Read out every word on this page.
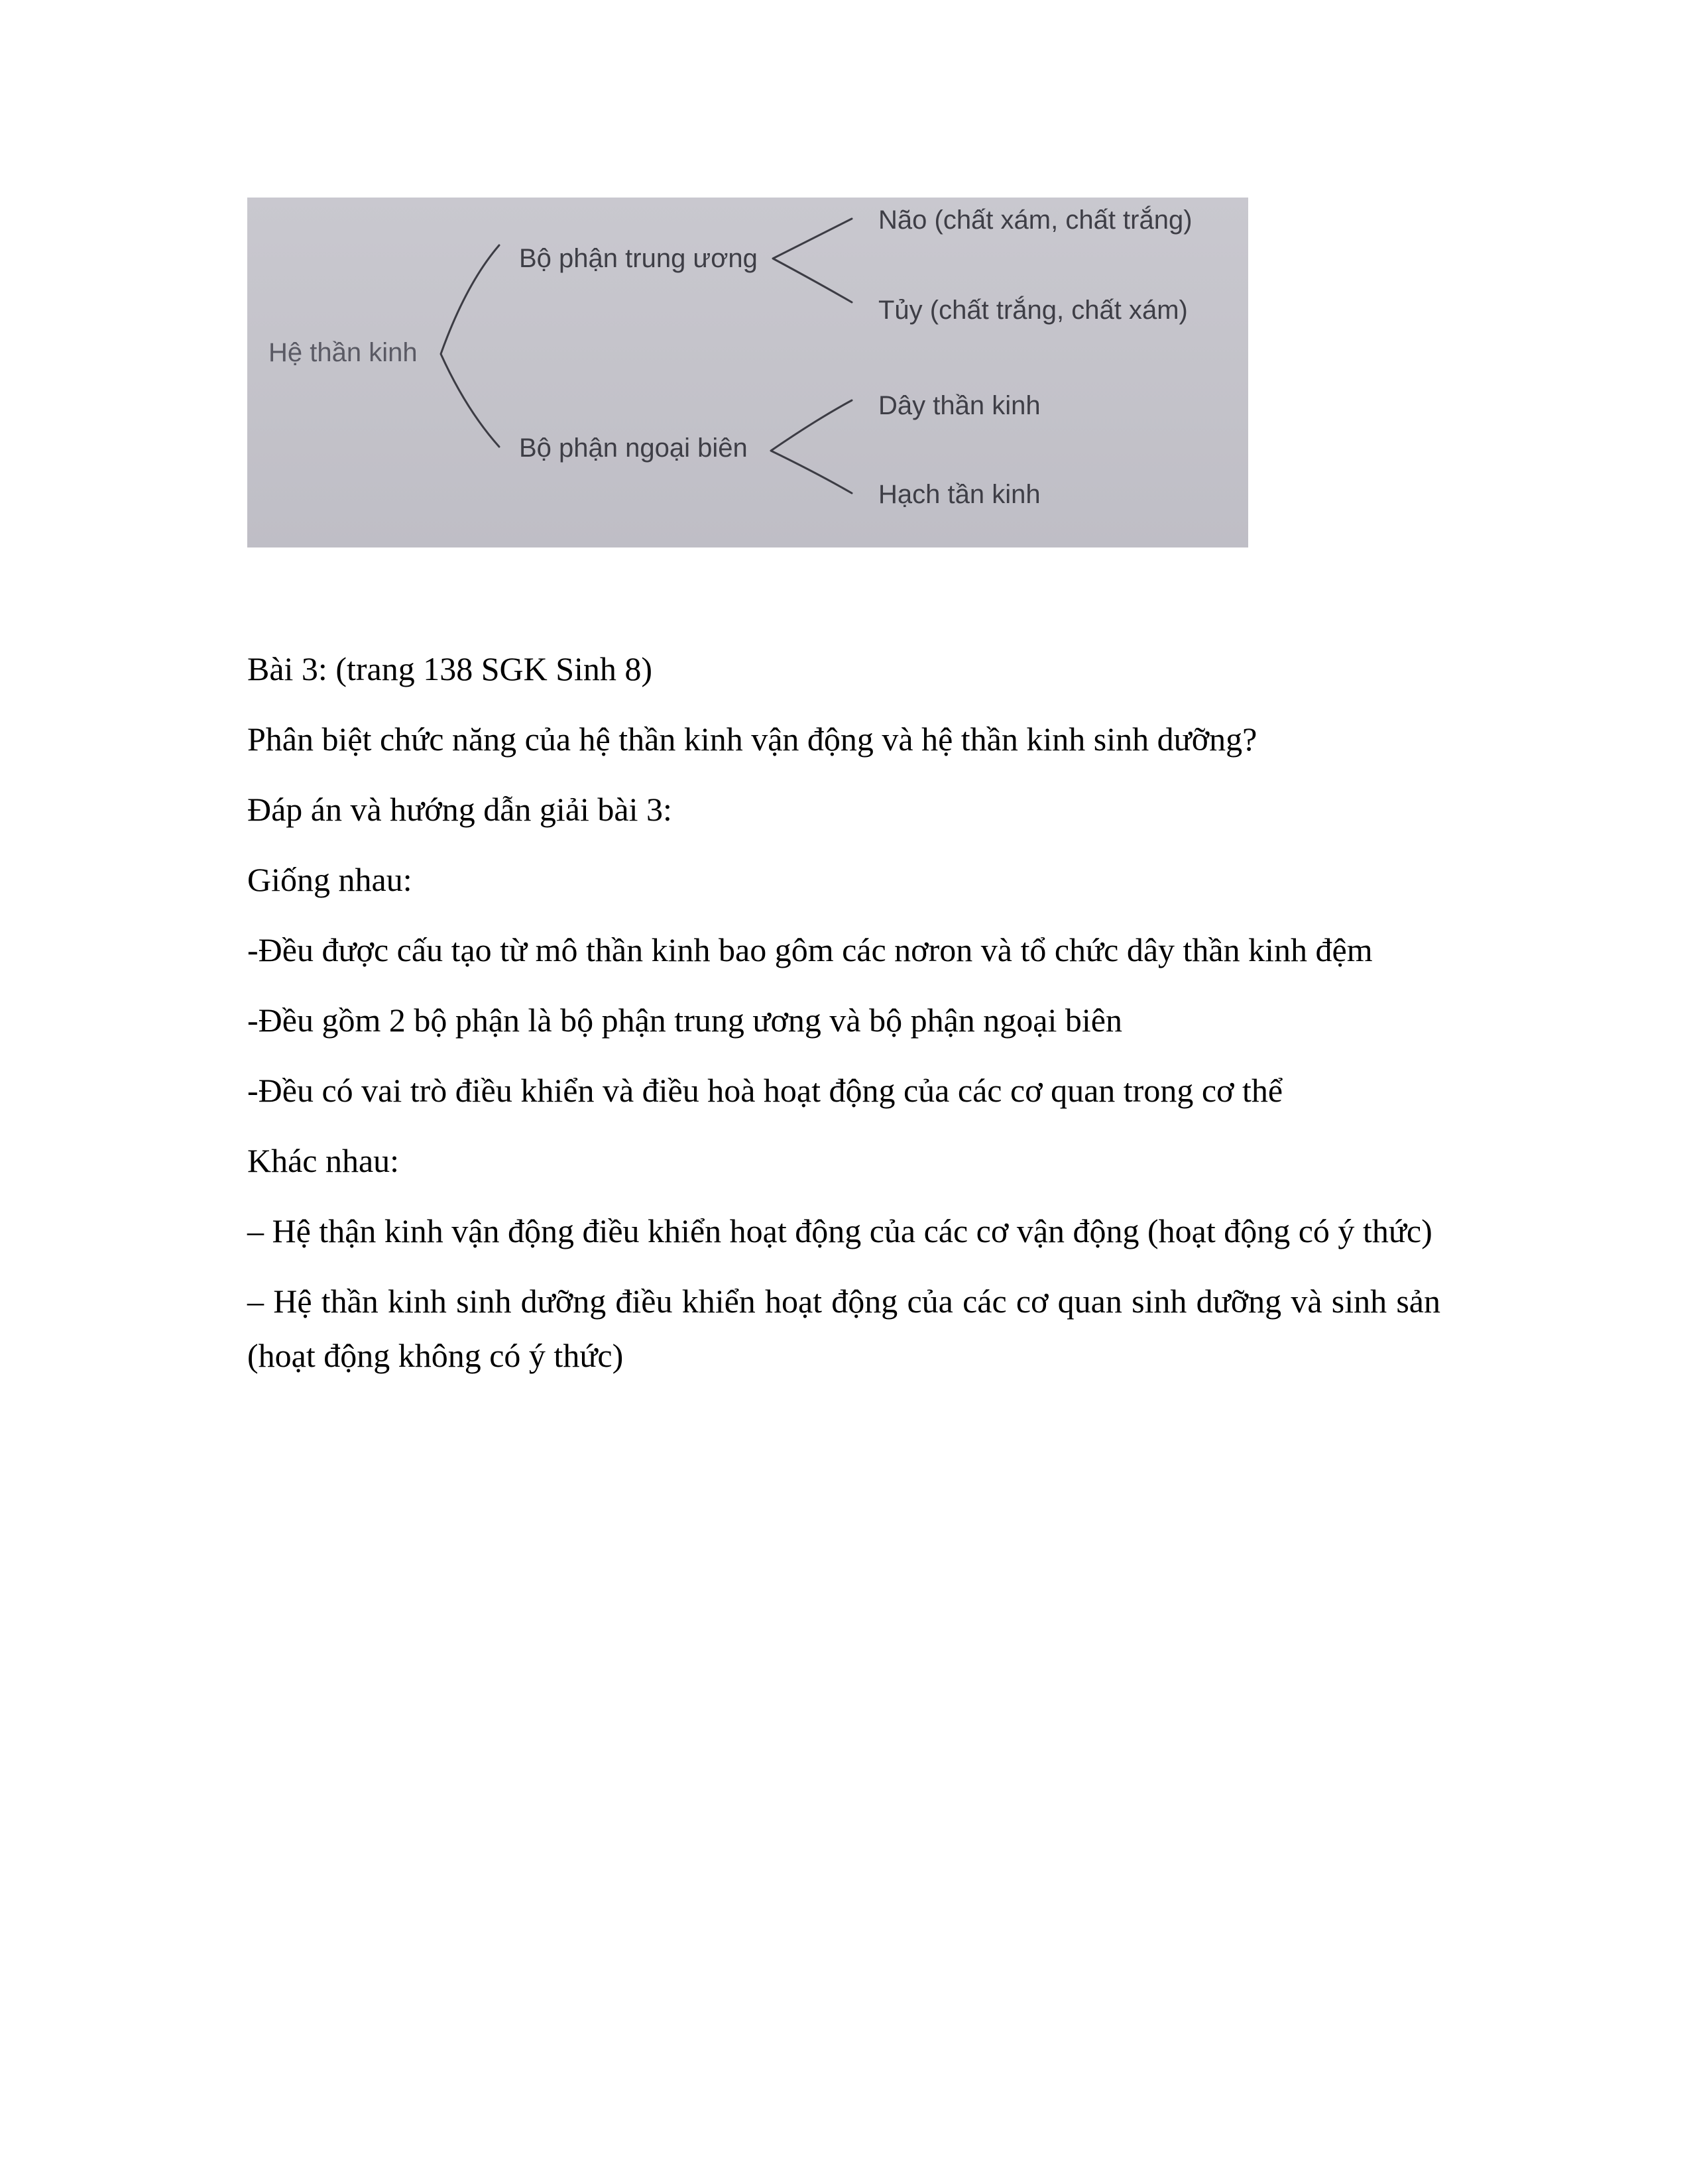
Hệ thần kinh
Bộ phận trung ương
Bộ phận ngoại biên
Não (chất xám, chất trắng)
Tủy (chất trắng, chất xám)
Dây thần kinh
Hạch tần kinh

Bài 3: (trang 138 SGK Sinh 8)

Phân biệt chức năng của hệ thần kinh vận động và hệ thần kinh sinh dưỡng?

Đáp án và hướng dẫn giải bài 3:

Giống nhau:

-Đều được cấu tạo từ mô thần kinh bao gôm các nơron và tổ chức dây thần kinh đệm

-Đều gồm 2 bộ phận là bộ phận trung ương và bộ phận ngoại biên

-Đều có vai trò điều khiển và điều hoà hoạt động của các cơ quan trong cơ thể

Khác nhau:

– Hệ thận kinh vận động điều khiển hoạt động của các cơ vận động (hoạt động có ý thức)

– Hệ thần kinh sinh dưỡng điều khiển hoạt động của các cơ quan sinh dưỡng và sinh sản (hoạt động không có ý thức)
